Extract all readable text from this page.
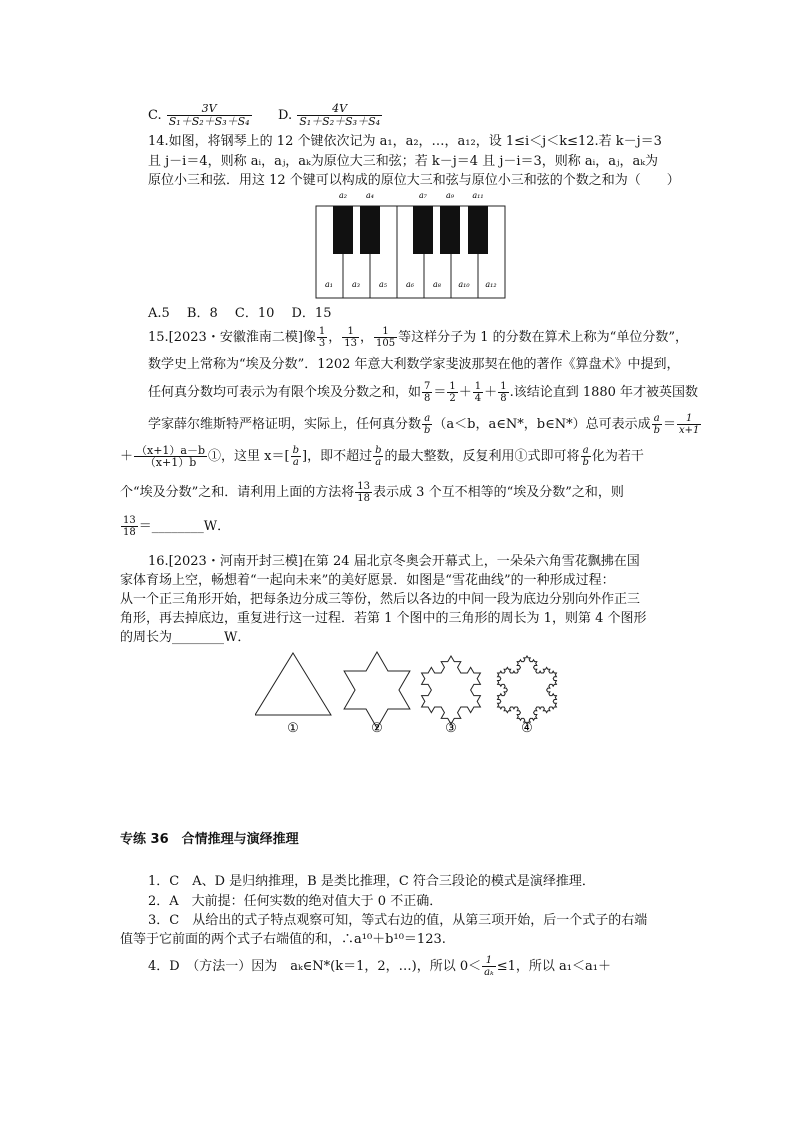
C. $\frac{3V}{\text{S₁＋S₂＋S₃＋S₄}} D$. $\frac{4V}{\text{S₁＋S₂＋S₃＋S₄}}$
14.如图，将钢琴上的 12 个键依次记为 a₁，a₂，…，a₁₂，设 1≤i＜j＜k≤12.若 k－j＝3
且 j－i＝4，则称 aᵢ，aⱼ，aₖ为原位大三和弦；若 k－j＝4 且 j－i＝3，则称 aᵢ，aⱼ，aₖ为
原位小三和弦．用这 12 个键可以构成的原位大三和弦与原位小三和弦的个数之和为（　　）
a₂ a₄	a₇ a₉ a₁₁
a₁ a₃ a₅ a₆ a₈ a₁₀ a₁₂
A.5　 B．8　 C．10　 D．15
15.[2023・安徽淮南二模]像 $\frac{1}{3}$ ， $\frac{1}{13}$ ， $\frac{1}{105}$ 等这样分子为 1 的分数在算术上称为“单位分数”，
数学史上常称为“埃及分数”．1202 年意大利数学家斐波那契在他的著作《算盘术》中提到，
任何真分数均可表示为有限个埃及分数之和，如 $\frac{7}{8} = \frac{1}{2} + \frac{1}{4} + \frac{1}{8}$ .该结论直到 1880 年才被英国数
学家薛尔维斯特严格证明，实际上，任何真分数 $\frac{a}{b} (a<b$，a∈N*，b∈N*）总可表示成 $\frac{a}{b} = \frac{1}{x+1}$
＋ $\frac{(x+1)a-b}{(x+1)b}$ ①，这里 $x=[ \frac{b}{a}$ ]，即不超过 $\frac{b}{a}$ 的最大整数，反复利用①式即可将 $\frac{a}{b}$ 化为若干
个“埃及分数”之和．请利用上面的方法将 $\frac{13}{18}$ 表示成 3 个互不相等的“埃及分数”之和，则
$\frac{13}{18}$ ＝________W．
16.[2023・河南开封三模]在第 24 届北京冬奥会开幕式上，一朵朵六角雪花飘拂在国
家体育场上空，畅想着“一起向未来”的美好愿景．如图是“雪花曲线”的一种形成过程：
从一个正三角形开始，把每条边分成三等份，然后以各边的中间一段为底边分别向外作正三
角形，再去掉底边，重复进行这一过程．若第 1 个图中的三角形的周长为 1，则第 4 个图形
的周长为________W．
①	②	③	④
专练 36　合情推理与演绎推理
1．C　A、D 是归纳推理，B 是类比推理，C 符合三段论的模式是演绎推理．
2．A　大前提：任何实数的绝对值大于 0 不正确．
3．C　从给出的式子特点观察可知，等式右边的值，从第三项开始，后一个式子的右端
值等于它前面的两个式子右端值的和，∴a¹⁰＋b¹⁰＝123.
4．D　（方法一）因为　aₖ∈N*(k＝1，2，…)，所以 $0< \frac{1}{\text{aₖ}} \le 1$，所以 a₁＜a₁＋
